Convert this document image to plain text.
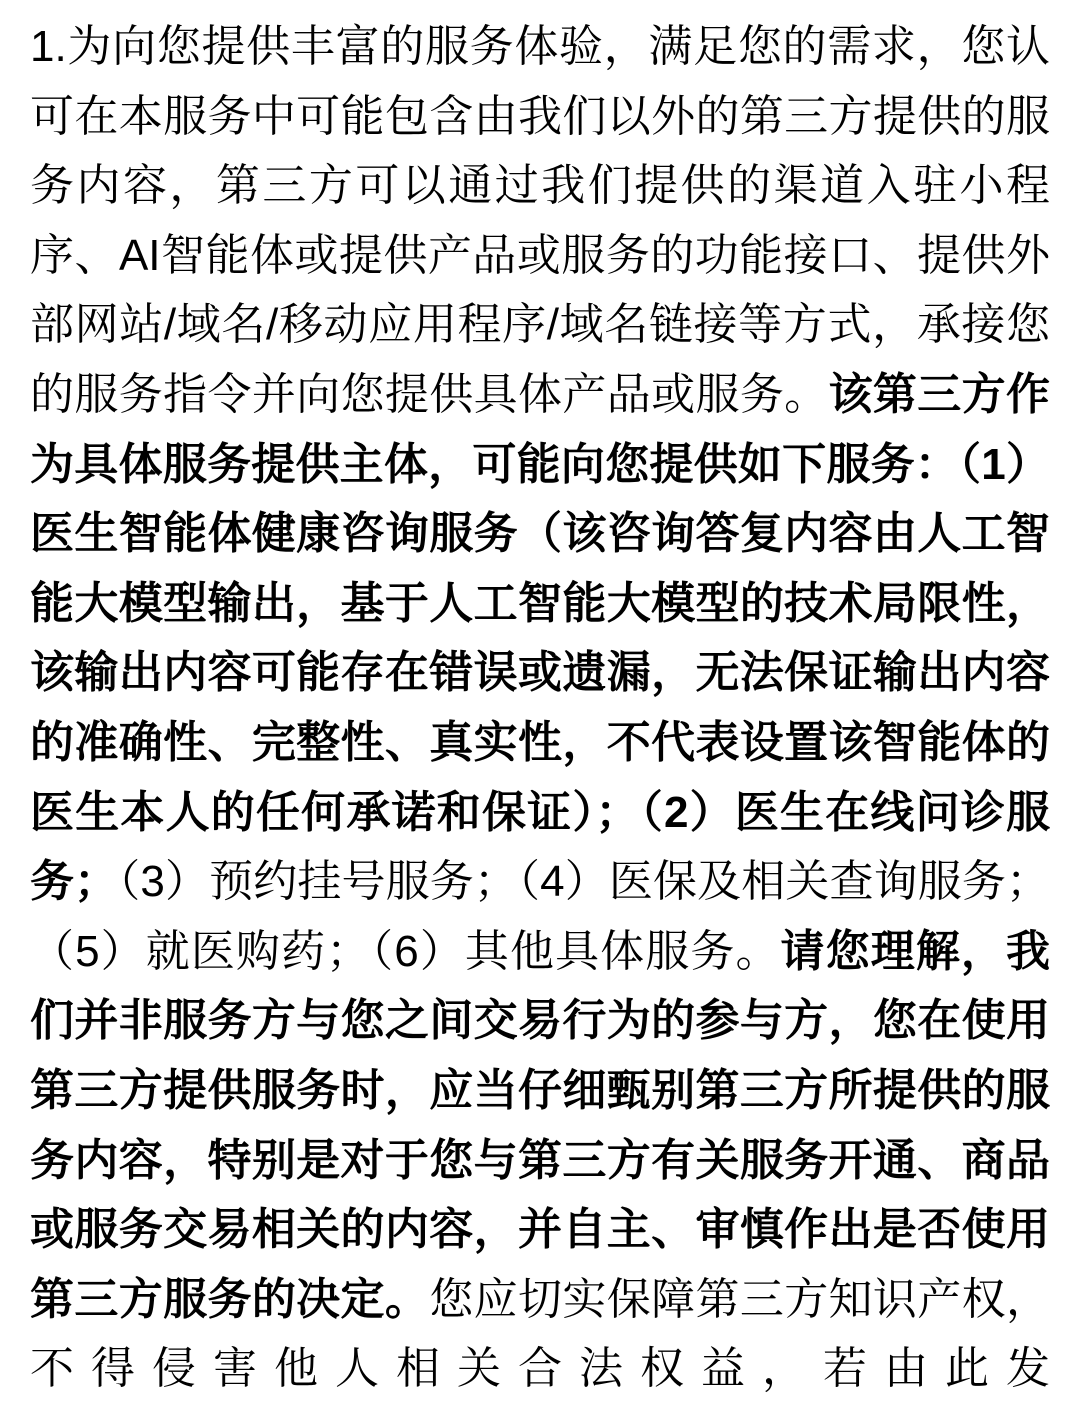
1.为向您提供丰富的服务体验，满足您的需求，您认可在本服务中可能包含由我们以外的第三方提供的服务内容，第三方可以通过我们提供的渠道入驻小程序、AI智能体或提供产品或服务的功能接口、提供外部网站/域名/移动应用程序/域名链接等方式，承接您的服务指令并向您提供具体产品或服务。该第三方作为具体服务提供主体，可能向您提供如下服务：（1）医生智能体健康咨询服务（该咨询答复内容由人工智能大模型输出，基于人工智能大模型的技术局限性，该输出内容可能存在错误或遗漏，无法保证输出内容的准确性、完整性、真实性，不代表设置该智能体的医生本人的任何承诺和保证）；（2）医生在线问诊服务；（3）预约挂号服务；（4）医保及相关查询服务；（5）就医购药；（6）其他具体服务。请您理解，我们并非服务方与您之间交易行为的参与方，您在使用第三方提供服务时，应当仔细甄别第三方所提供的服务内容，特别是对于您与第三方有关服务开通、商品或服务交易相关的内容，并自主、审慎作出是否使用第三方服务的决定。您应切实保障第三方知识产权，不得侵害他人相关合法权益，若由此发
